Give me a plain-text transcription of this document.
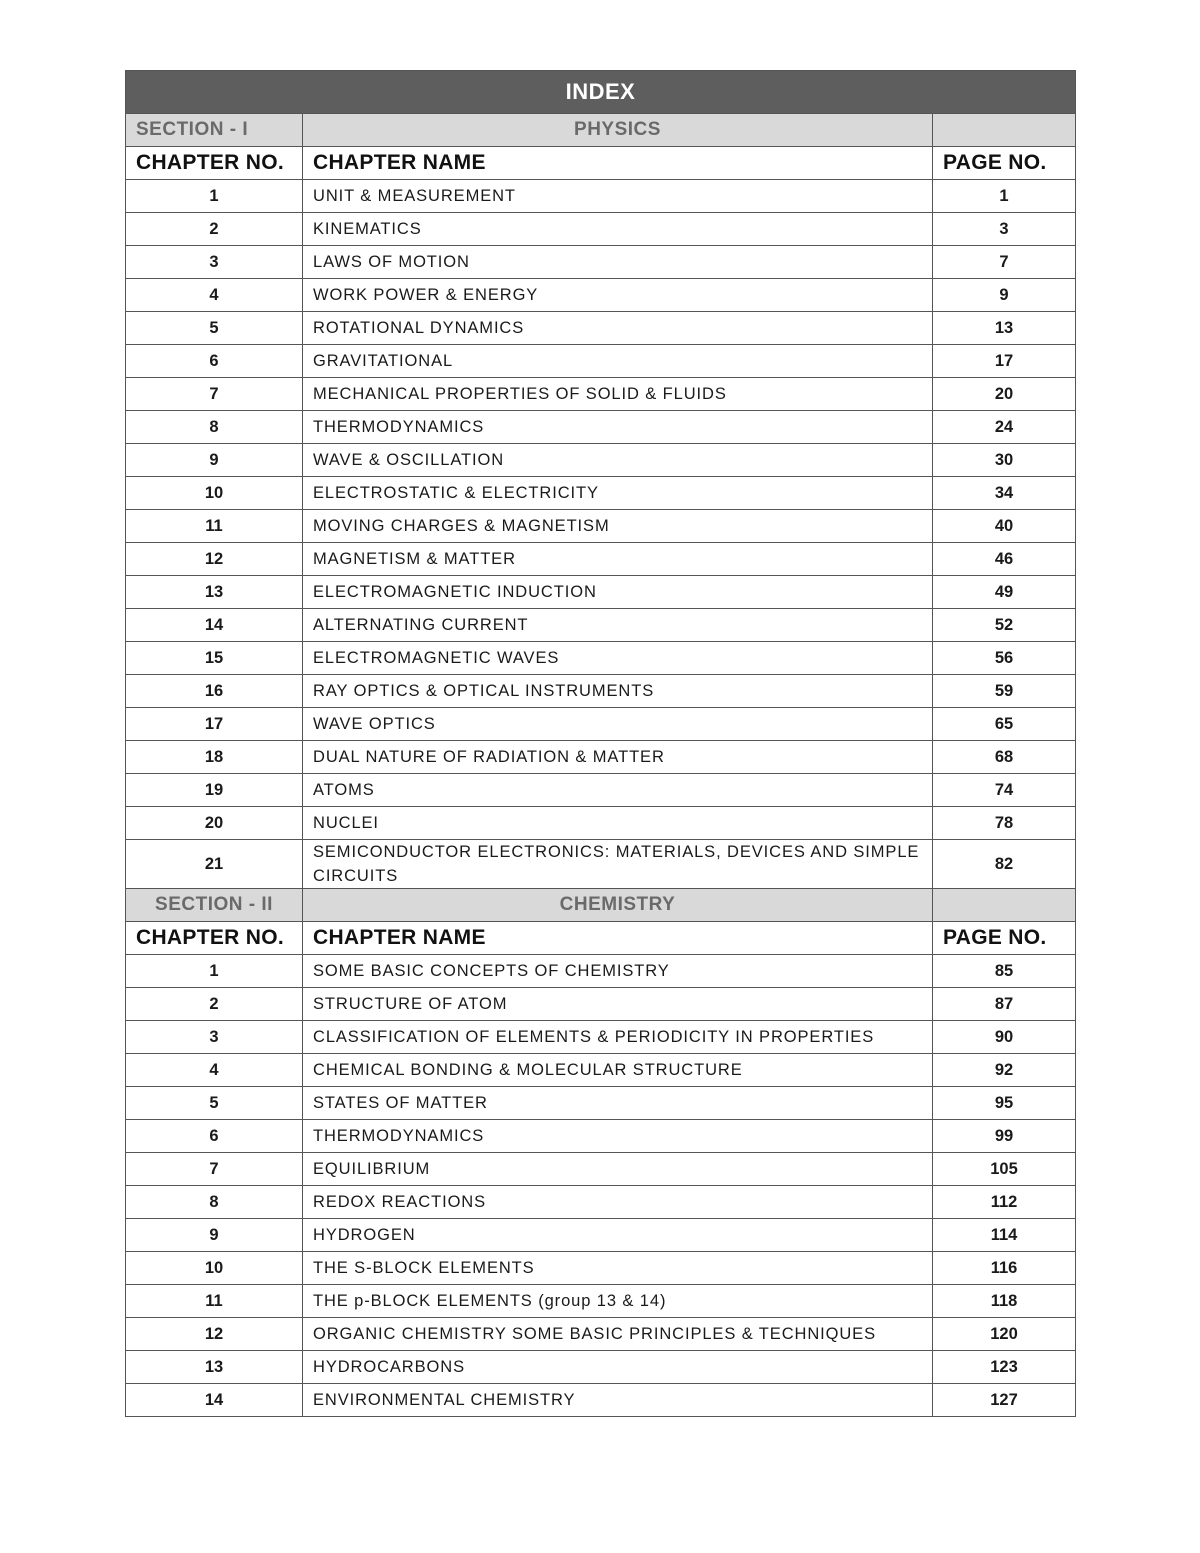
INDEX		
SECTION - I	PHYSICS	
CHAPTER NO.	CHAPTER NAME	PAGE NO.
1	UNIT & MEASUREMENT	1
2	KINEMATICS	3
3	LAWS OF MOTION	7
4	WORK POWER & ENERGY	9
5	ROTATIONAL DYNAMICS	13
6	GRAVITATIONAL	17
7	MECHANICAL PROPERTIES OF SOLID & FLUIDS	20
8	THERMODYNAMICS	24
9	WAVE & OSCILLATION	30
10	ELECTROSTATIC & ELECTRICITY	34
11	MOVING CHARGES & MAGNETISM	40
12	MAGNETISM & MATTER	46
13	ELECTROMAGNETIC INDUCTION	49
14	ALTERNATING CURRENT	52
15	ELECTROMAGNETIC WAVES	56
16	RAY OPTICS & OPTICAL INSTRUMENTS	59
17	WAVE OPTICS	65
18	DUAL NATURE OF RADIATION & MATTER	68
19	ATOMS	74
20	NUCLEI	78
21	SEMICONDUCTOR ELECTRONICS: MATERIALS, DEVICES AND SIMPLE CIRCUITS	82
SECTION - II	CHEMISTRY	
CHAPTER NO.	CHAPTER NAME	PAGE NO.
1	SOME BASIC CONCEPTS OF CHEMISTRY	85
2	STRUCTURE OF ATOM	87
3	CLASSIFICATION OF ELEMENTS & PERIODICITY IN PROPERTIES	90
4	CHEMICAL BONDING & MOLECULAR STRUCTURE	92
5	STATES OF MATTER	95
6	THERMODYNAMICS	99
7	EQUILIBRIUM	105
8	REDOX REACTIONS	112
9	HYDROGEN	114
10	THE S-BLOCK ELEMENTS	116
11	THE p-BLOCK ELEMENTS (group 13 & 14)	118
12	ORGANIC CHEMISTRY SOME BASIC PRINCIPLES & TECHNIQUES	120
13	HYDROCARBONS	123
14	ENVIRONMENTAL CHEMISTRY	127
